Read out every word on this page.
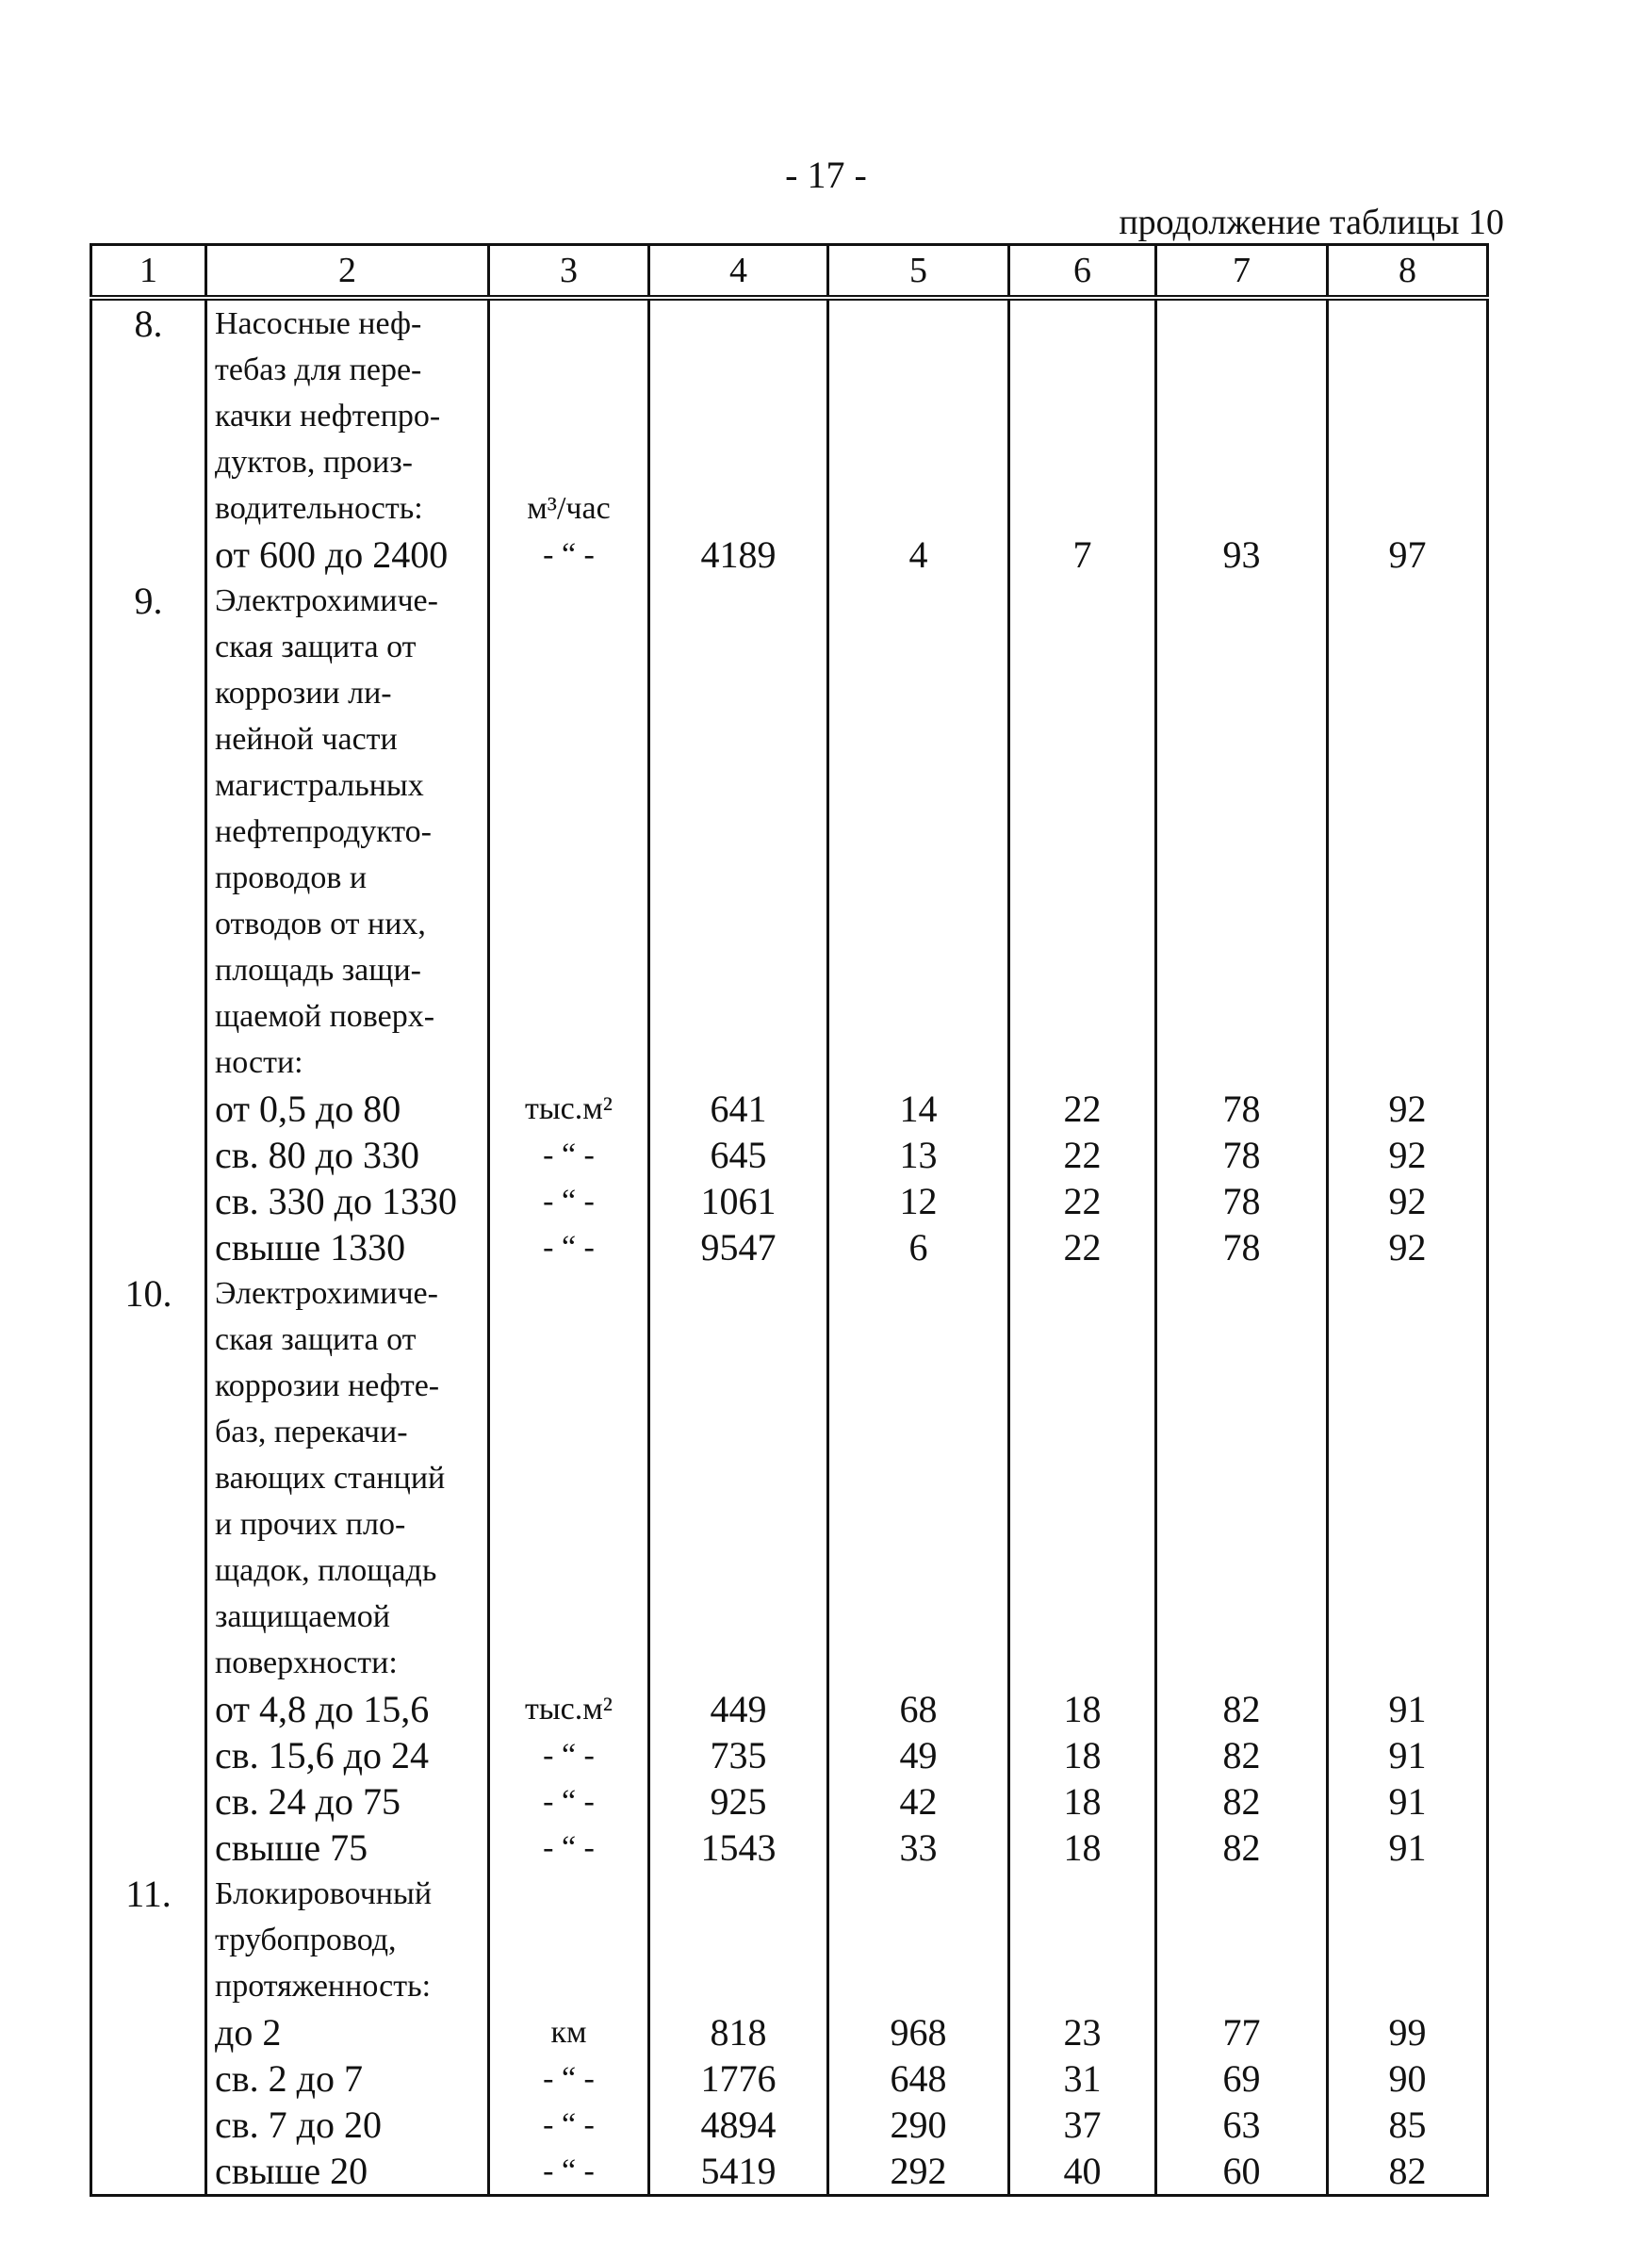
- 17 -
продолжение таблицы 10
1	2	3	4	5	6	7	8
8.	Насосные неф-						
	тебаз для пере-						
	качки нефтепро-						
	дуктов, произ-						
	водительность:	м³/час					
	от 600 до 2400	- “ -	4189	4	7	93	97
9.	Электрохимиче-						
	ская защита от						
	коррозии ли-						
	нейной части						
	магистральных						
	нефтепродукто-						
	проводов и						
	отводов от них,						
	площадь защи-						
	щаемой поверх-						
	ности:						
	от 0,5 до 80	тыс.м²	641	14	22	78	92
	св. 80 до 330	- “ -	645	13	22	78	92
	св. 330 до 1330	- “ -	1061	12	22	78	92
	свыше 1330	- “ -	9547	6	22	78	92
10.	Электрохимиче-						
	ская защита от						
	коррозии нефте-						
	баз, перекачи-						
	вающих станций						
	и прочих пло-						
	щадок, площадь						
	защищаемой						
	поверхности:						
	от 4,8 до 15,6	тыс.м²	449	68	18	82	91
	св. 15,6 до 24	- “ -	735	49	18	82	91
	св. 24 до 75	- “ -	925	42	18	82	91
	свыше 75	- “ -	1543	33	18	82	91
11.	Блокировочный						
	трубопровод,						
	протяженность:						
	до 2	км	818	968	23	77	99
	св. 2 до 7	- “ -	1776	648	31	69	90
	св. 7 до 20	- “ -	4894	290	37	63	85
	свыше 20	- “ -	5419	292	40	60	82
